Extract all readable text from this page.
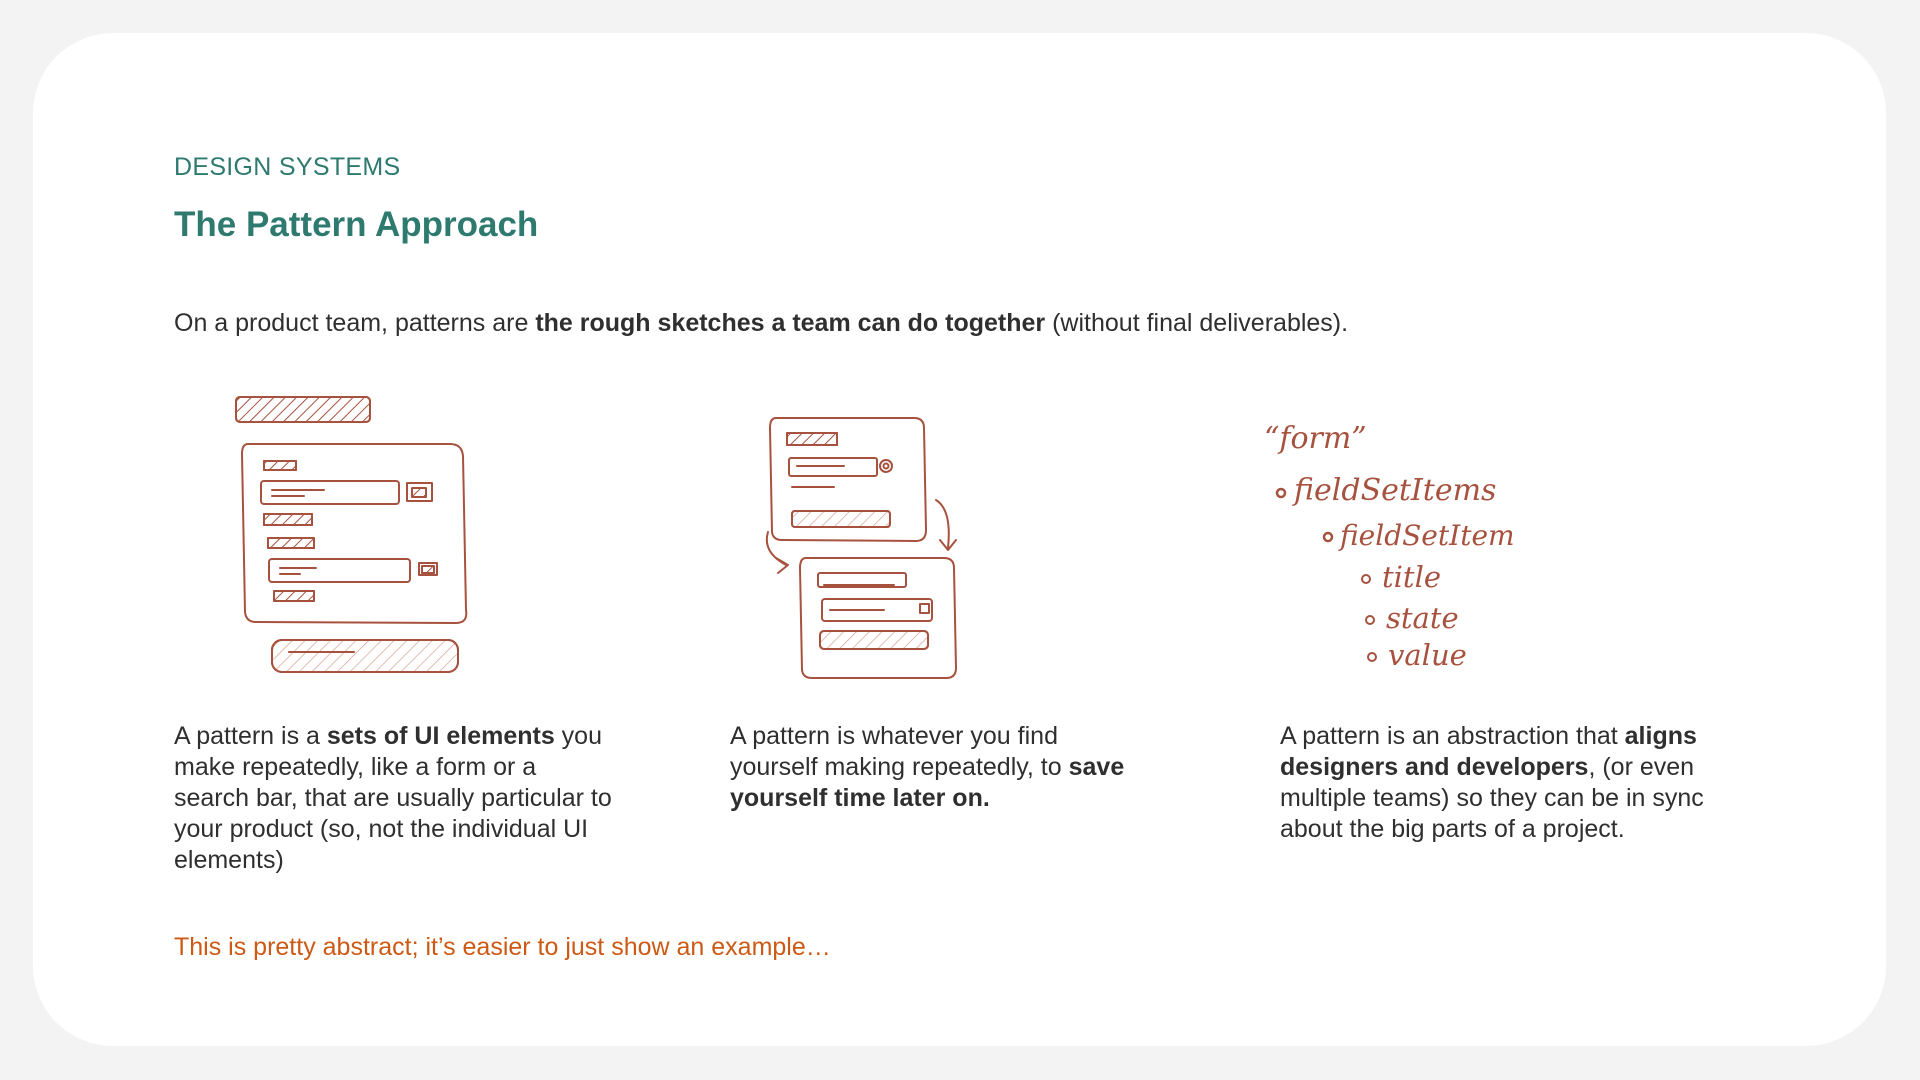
DESIGN SYSTEMS
The Pattern Approach
On a product team, patterns are the rough sketches a team can do together (without final deliverables).
“form”
fieldSetItems
fieldSetItem
title
state
value
A pattern is a sets of UI elements you make repeatedly, like a form or a search bar, that are usually particular to your product (so, not the individual UI elements)
A pattern is whatever you find yourself making repeatedly, to save yourself time later on.
A pattern is an abstraction that aligns designers and developers, (or even multiple teams) so they can be in sync about the big parts of a project.
This is pretty abstract; it’s easier to just show an example…
